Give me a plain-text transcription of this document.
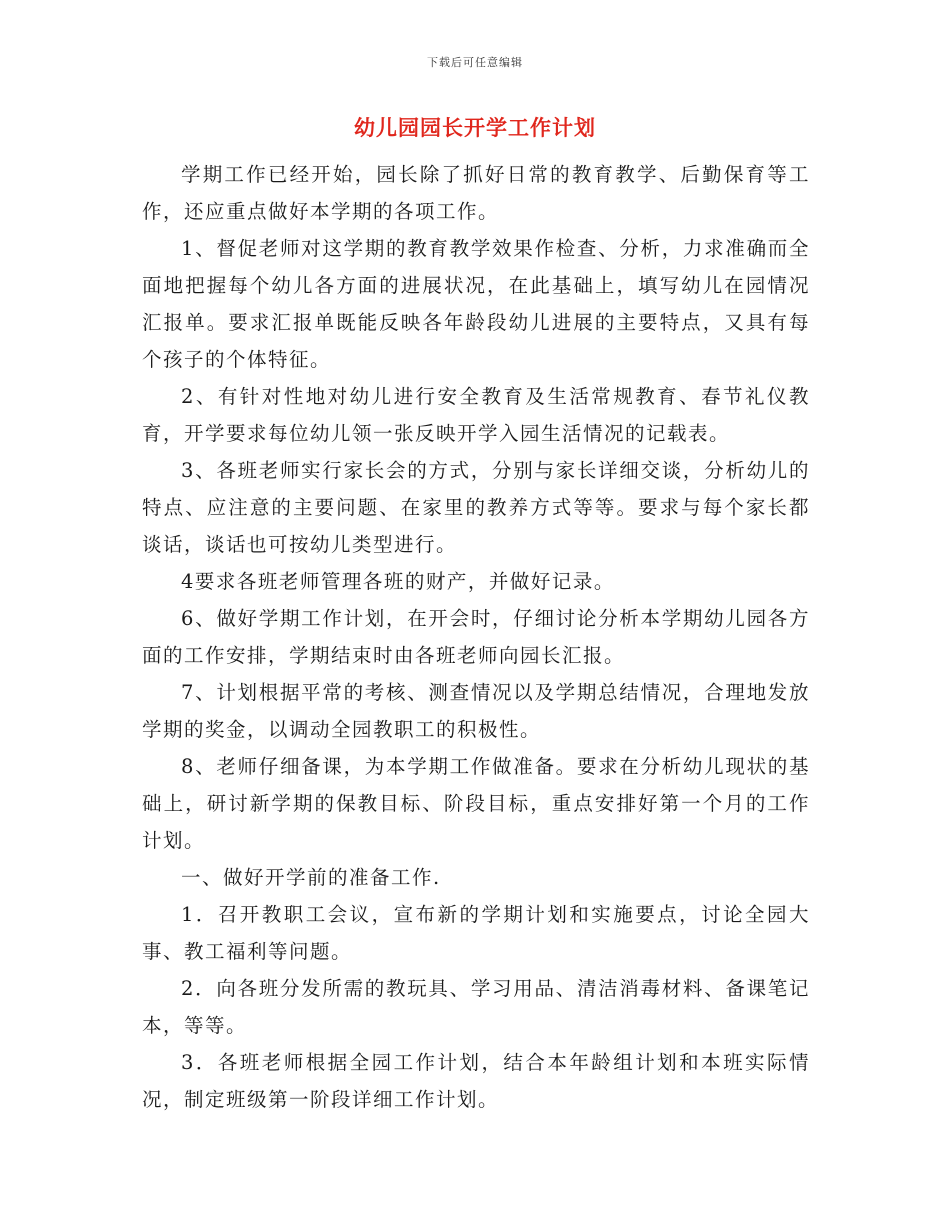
下载后可任意编辑
幼儿园园长开学工作计划

学期工作已经开始，园长除了抓好日常的教育教学、后勤保育等工作，还应重点做好本学期的各项工作。

1、督促老师对这学期的教育教学效果作检查、分析，力求准确而全面地把握每个幼儿各方面的进展状况，在此基础上，填写幼儿在园情况汇报单。要求汇报单既能反映各年龄段幼儿进展的主要特点，又具有每个孩子的个体特征。

2、有针对性地对幼儿进行安全教育及生活常规教育、春节礼仪教育，开学要求每位幼儿领一张反映开学入园生活情况的记载表。

3、各班老师实行家长会的方式，分别与家长详细交谈，分析幼儿的特点、应注意的主要问题、在家里的教养方式等等。要求与每个家长都谈话，谈话也可按幼儿类型进行。

4要求各班老师管理各班的财产，并做好记录。

6、做好学期工作计划，在开会时，仔细讨论分析本学期幼儿园各方面的工作安排，学期结束时由各班老师向园长汇报。

7、计划根据平常的考核、测查情况以及学期总结情况，合理地发放学期的奖金，以调动全园教职工的积极性。

8、老师仔细备课，为本学期工作做准备。要求在分析幼儿现状的基础上，研讨新学期的保教目标、阶段目标，重点安排好第一个月的工作计划。

一、做好开学前的准备工作.

1．召开教职工会议，宣布新的学期计划和实施要点，讨论全园大事、教工福利等问题。

2．向各班分发所需的教玩具、学习用品、清洁消毒材料、备课笔记本，等等。

3．各班老师根据全园工作计划，结合本年龄组计划和本班实际情况，制定班级第一阶段详细工作计划。
